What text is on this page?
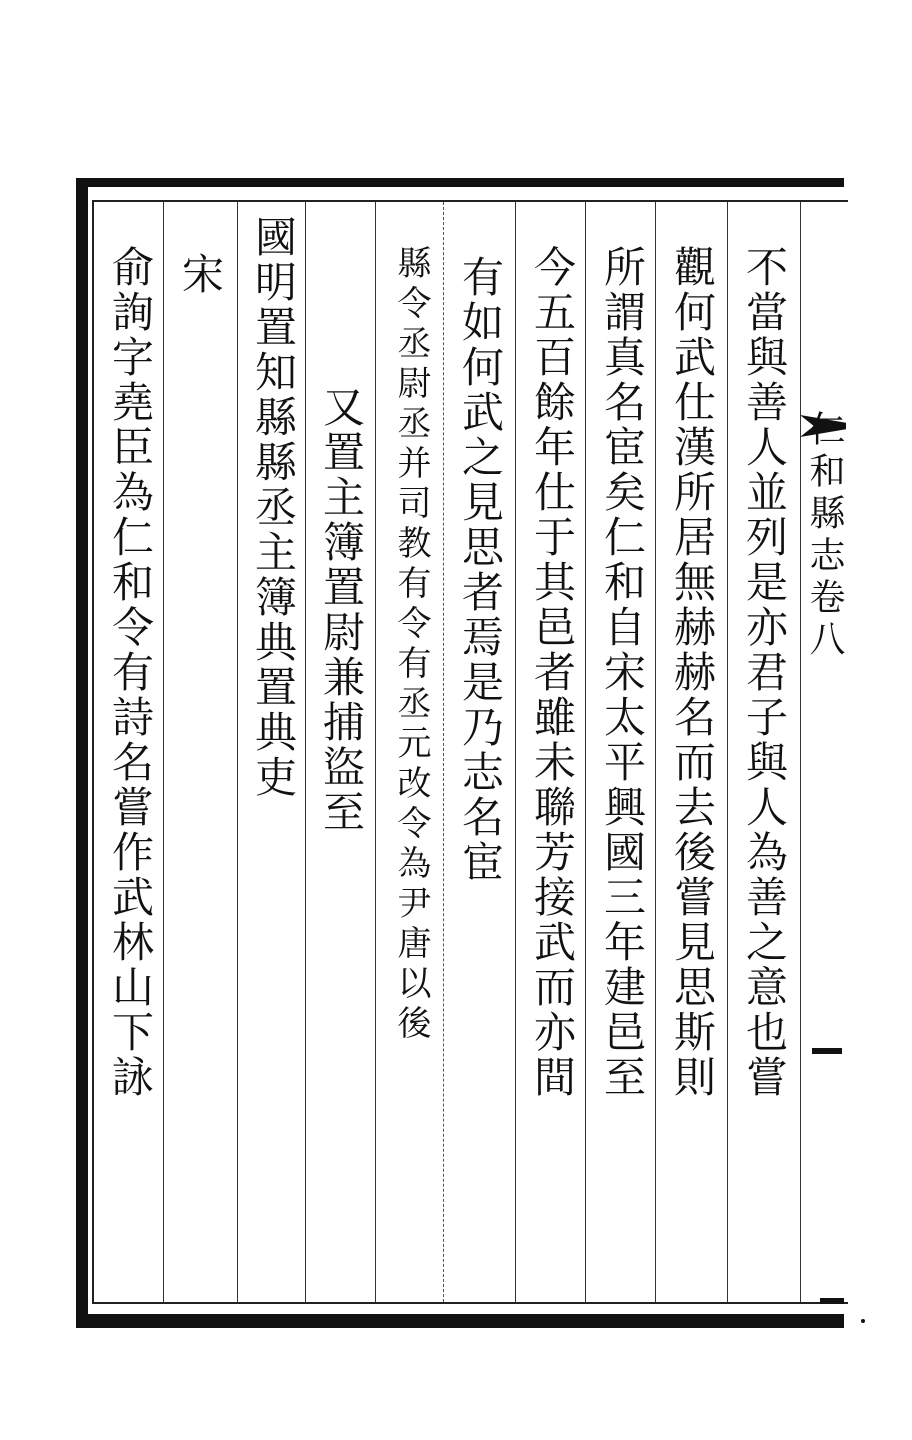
仁和縣志卷八
不當與善人並列是亦君子與人為善之意也嘗
觀何武仕漢所居無赫赫名而去後嘗見思斯則
所謂真名宦矣仁和自宋太平興國三年建邑至
今五百餘年仕于其邑者雖未聯芳接武而亦間
有如何武之見思者焉是乃志名宦
縣令丞尉丞并司教有令有丞元改令為尹唐以後
又置主簿置尉兼捕盜至
國明置知縣縣丞主簿典置典吏
宋
俞詢字堯臣為仁和令有詩名嘗作武林山下詠
